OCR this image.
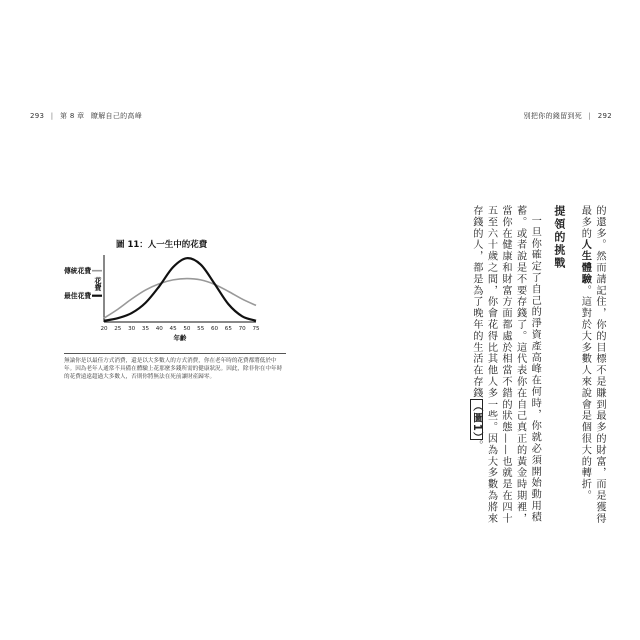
293 | 第 8 章 瞭解自己的高峰	別把你的錢留到死 | 292

的還多。然而請記住，你的目標不是賺到最多的財富，而是獲得最多的人生體驗。這對於大多數人來說會是個很大的轉折。

提領的挑戰

一旦你確定了自己的淨資產高峰在何時，你就必須開始動用積蓄。或者說是不要存錢了。這代表你在自己真正的黃金時期裡，當你在健康和財富方面都處於相當不錯的狀態——也就是在四十五至六十歲之間，你會花得比其他人多一些。因為大多數為將來存錢的人，都是為了晚年的生活在存錢（圖1）。

圖 11：人一生中的花費
花費
20 25 30 35 40 45 50 55 60 65 70 75
年齡
傳統花費
最佳花費
無論你是以最佳方式消費，還是以大多數人的方式消費，你在老年時的花費都將低於中年。因為老年人通常不具備在體驗上花那麼多錢所需的健康狀況。因此，除非你在中年時的花費遠遠超過大多數人，否則你將無法在死前讓財產歸零。
